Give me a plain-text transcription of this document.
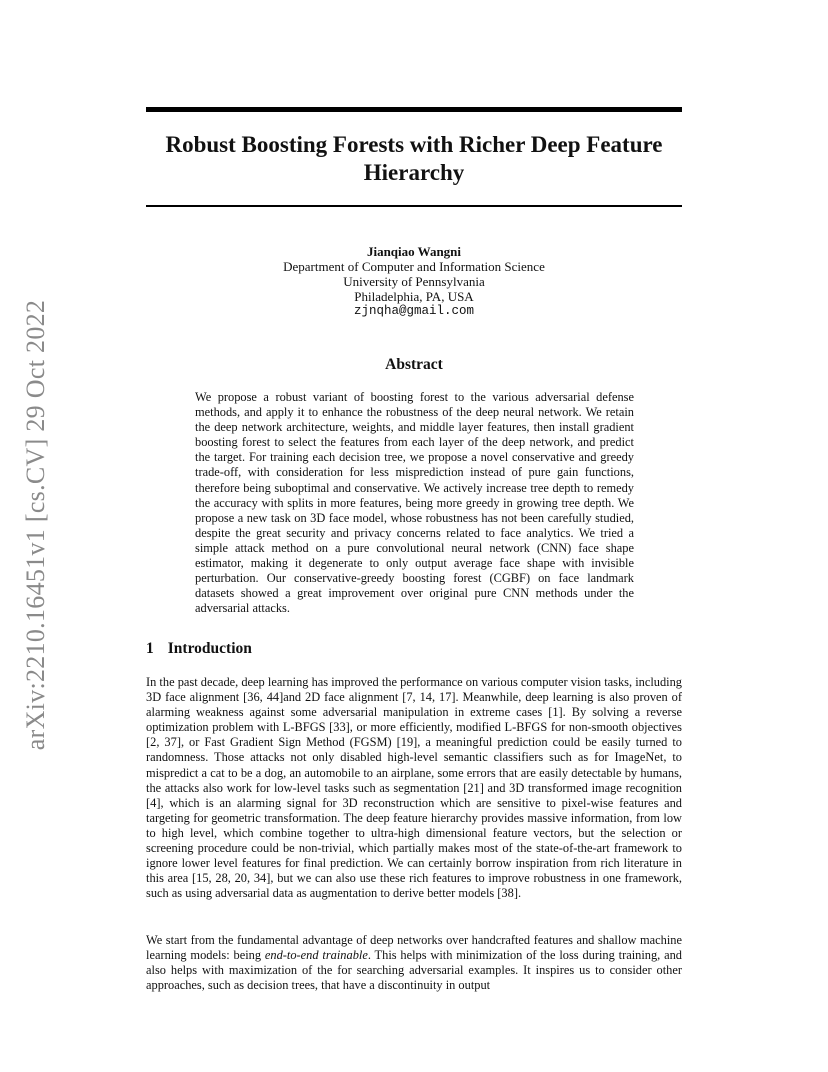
arXiv:2210.16451v1 [cs.CV] 29 Oct 2022
Robust Boosting Forests with Richer Deep Feature Hierarchy
Jianqiao Wangni
Department of Computer and Information Science
University of Pennsylvania
Philadelphia, PA, USA
zjnqha@gmail.com
Abstract

We propose a robust variant of boosting forest to the various adversarial defense methods, and apply it to enhance the robustness of the deep neural network. We retain the deep network architecture, weights, and middle layer features, then install gradient boosting forest to select the features from each layer of the deep network, and predict the target. For training each decision tree, we propose a novel conservative and greedy trade-off, with consideration for less misprediction instead of pure gain functions, therefore being suboptimal and conservative. We actively increase tree depth to remedy the accuracy with splits in more features, being more greedy in growing tree depth. We propose a new task on 3D face model, whose robustness has not been carefully studied, despite the great security and privacy concerns related to face analytics. We tried a simple attack method on a pure convolutional neural network (CNN) face shape estimator, making it degenerate to only output average face shape with invisible perturbation. Our conservative-greedy boosting forest (CGBF) on face landmark datasets showed a great improvement over original pure CNN methods under the adversarial attacks.

1 Introduction

In the past decade, deep learning has improved the performance on various computer vision tasks, including 3D face alignment [36, 44]and 2D face alignment [7, 14, 17]. Meanwhile, deep learning is also proven of alarming weakness against some adversarial manipulation in extreme cases [1]. By solving a reverse optimization problem with L-BFGS [33], or more efficiently, modified L-BFGS for non-smooth objectives [2, 37], or Fast Gradient Sign Method (FGSM) [19], a meaningful prediction could be easily turned to randomness. Those attacks not only disabled high-level semantic classifiers such as for ImageNet, to mispredict a cat to be a dog, an automobile to an airplane, some errors that are easily detectable by humans, the attacks also work for low-level tasks such as segmentation [21] and 3D transformed image recognition [4], which is an alarming signal for 3D reconstruction which are sensitive to pixel-wise features and targeting for geometric transformation. The deep feature hierarchy provides massive information, from low to high level, which combine together to ultra-high dimensional feature vectors, but the selection or screening procedure could be non-trivial, which partially makes most of the state-of-the-art framework to ignore lower level features for final prediction. We can certainly borrow inspiration from rich literature in this area [15, 28, 20, 34], but we can also use these rich features to improve robustness in one framework, such as using adversarial data as augmentation to derive better models [38].

We start from the fundamental advantage of deep networks over handcrafted features and shallow machine learning models: being end-to-end trainable. This helps with minimization of the loss during training, and also helps with maximization of the for searching adversarial examples. It inspires us to consider other approaches, such as decision trees, that have a discontinuity in output
